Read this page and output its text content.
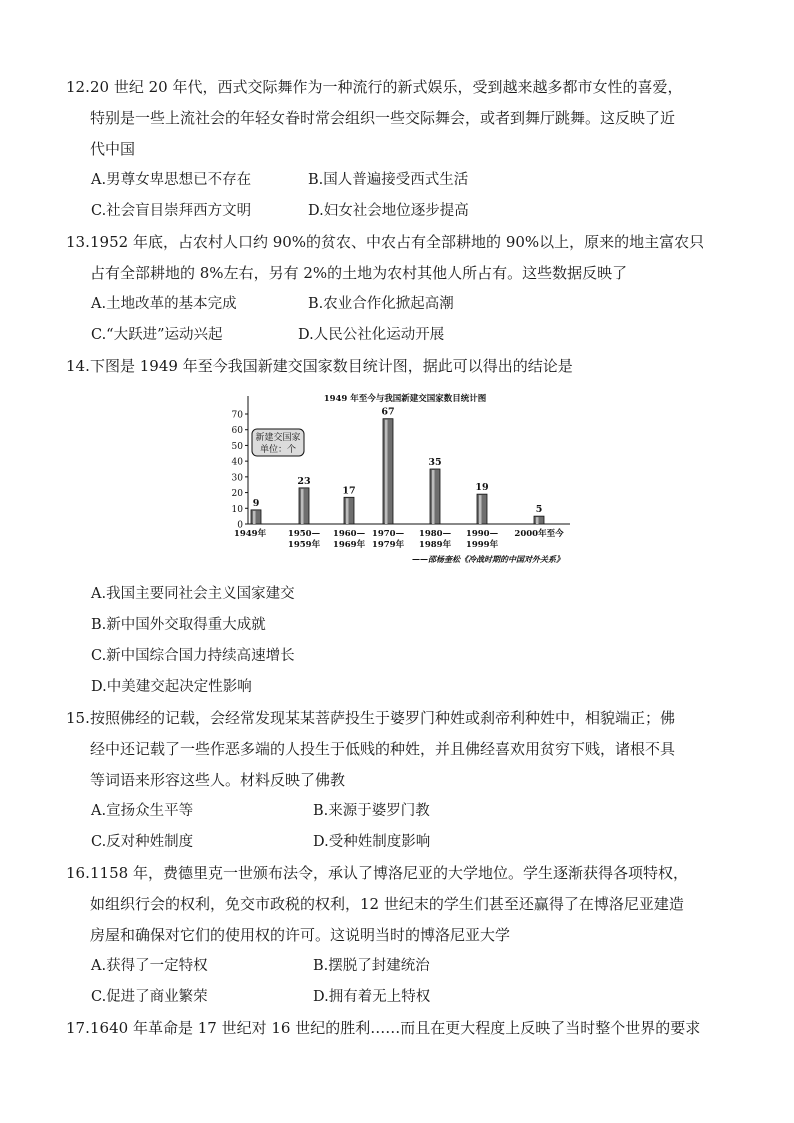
12. 20 世纪 20 年代，西式交际舞作为一种流行的新式娱乐，受到越来越多都市女性的喜爱，
特别是一些上流社会的年轻女眷时常会组织一些交际舞会，或者到舞厅跳舞。这反映了近
代中国
A.男尊女卑思想已不存在	B.国人普遍接受西式生活
C.社会盲目崇拜西方文明	D.妇女社会地位逐步提高
13. 1952 年底，占农村人口约 90%的贫农、中农占有全部耕地的 90%以上，原来的地主富农只
占有全部耕地的 8%左右，另有 2%的土地为农村其他人所占有。这些数据反映了
A.土地改革的基本完成	B.农业合作化掀起高潮
C.“大跃进”运动兴起	D.人民公社化运动开展
14. 下图是 1949 年至今我国新建交国家数目统计图，据此可以得出的结论是
1949 年至今与我国新建交国家数目统计图
0
10
20
30
40
50
60
70
9
23
17
67
35
19
5
新建交国家
单位：个
1949年	1950—
1959年
1960—
1969年
1970—
1979年
1980—
1989年
1990—
1999年
2000年至今
——邵杨奎松《冷战时期的中国对外关系》
A.我国主要同社会主义国家建交
B.新中国外交取得重大成就
C.新中国综合国力持续高速增长
D.中美建交起决定性影响
15. 按照佛经的记载，会经常发现某某菩萨投生于婆罗门种姓或刹帝利种姓中，相貌端正；佛
经中还记载了一些作恶多端的人投生于低贱的种姓，并且佛经喜欢用贫穷下贱，诸根不具
等词语来形容这些人。材料反映了佛教
A.宣扬众生平等	B.来源于婆罗门教
C.反对种姓制度	D.受种姓制度影响
16. 1158 年，费德里克一世颁布法令，承认了博洛尼亚的大学地位。学生逐渐获得各项特权，
如组织行会的权利，免交市政税的权利，12 世纪末的学生们甚至还赢得了在博洛尼亚建造
房屋和确保对它们的使用权的许可。这说明当时的博洛尼亚大学
A.获得了一定特权	B.摆脱了封建统治
C.促进了商业繁荣	D.拥有着无上特权
17. 1640 年革命是 17 世纪对 16 世纪的胜利……而且在更大程度上反映了当时整个世界的要求
